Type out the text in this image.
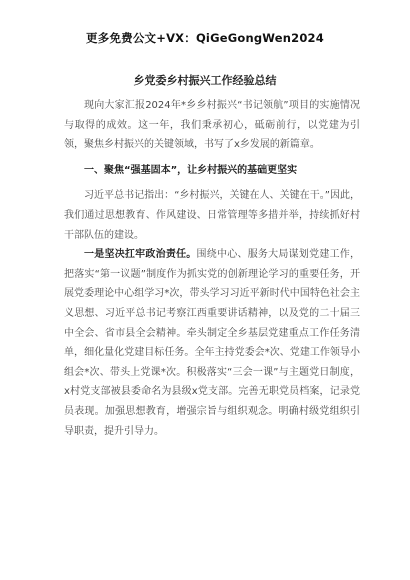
更多免费公文+VX：QiGeGongWen2024
乡党委乡村振兴工作经验总结

现向大家汇报2024年*乡乡村振兴“书记领航”项目的实施情况与取得的成效。这一年，我们秉承初心，砥砺前行，以党建为引领，聚焦乡村振兴的关键领域，书写了x乡发展的新篇章。

一、聚焦“强基固本”，让乡村振兴的基础更坚实

习近平总书记指出：“乡村振兴，关键在人、关键在干。”因此，我们通过思想教育、作风建设、日常管理等多措并举，持续抓好村干部队伍的建设。

一是坚决扛牢政治责任。围绕中心、服务大局谋划党建工作，把落实“第一议题”制度作为抓实党的创新理论学习的重要任务，开展党委理论中心组学习*次，带头学习习近平新时代中国特色社会主义思想、习近平总书记考察江西重要讲话精神，以及党的二十届三中全会、省市县全会精神。牵头制定全乡基层党建重点工作任务清单，细化量化党建目标任务。全年主持党委会*次、党建工作领导小组会*次、带头上党课*次。积极落实“三会一课”与主题党日制度，x村党支部被县委命名为县级x党支部。完善无职党员档案，记录党员表现。加强思想教育，增强宗旨与组织观念。明确村级党组织引导职责，提升引导力。
